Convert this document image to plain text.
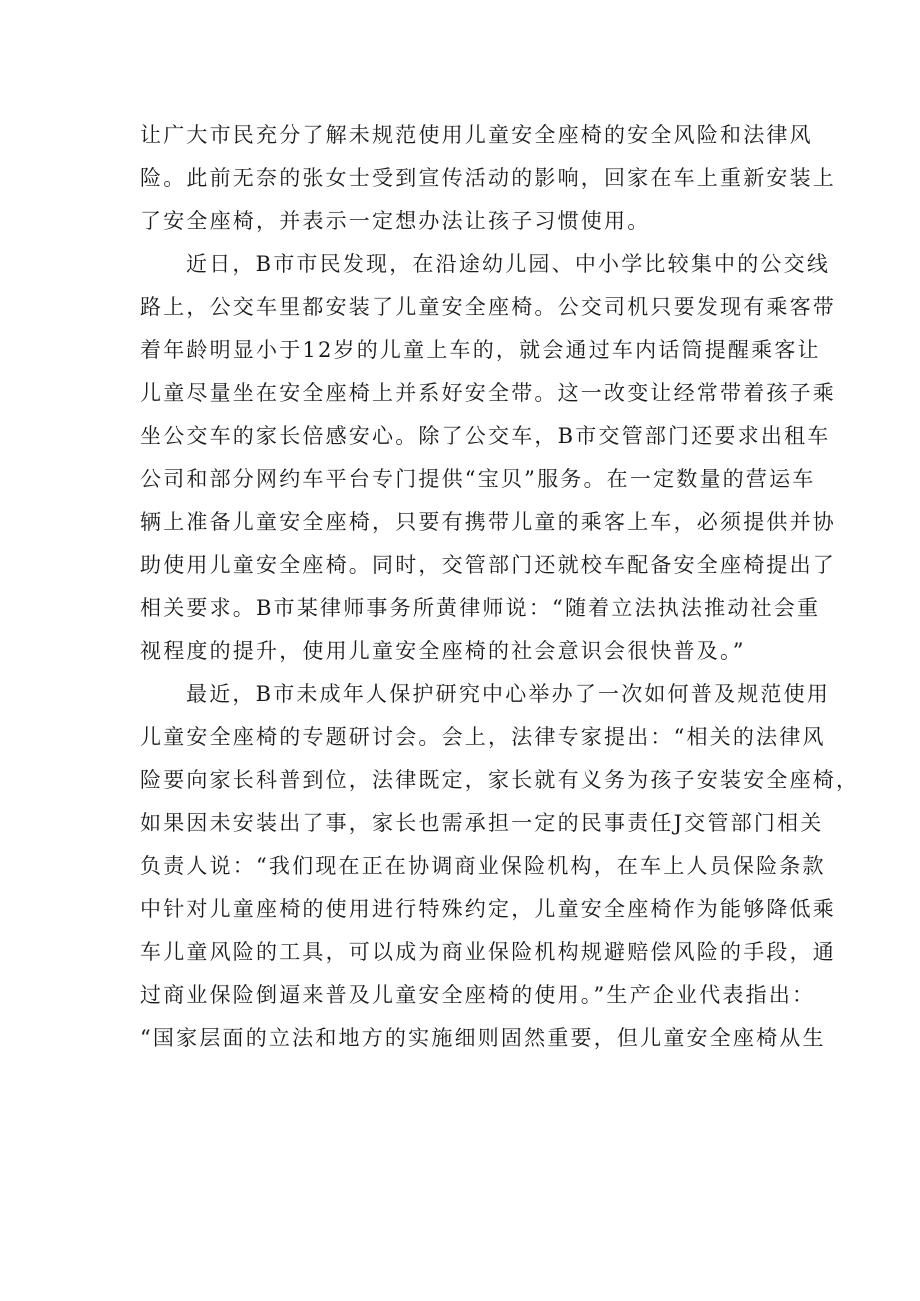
让广大市民充分了解未规范使用儿童安全座椅的安全风险和法律风
险。此前无奈的张女士受到宣传活动的影响，回家在车上重新安装上
了安全座椅，并表示一定想办法让孩子习惯使用。
近日，B市市民发现，在沿途幼儿园、中小学比较集中的公交线
路上，公交车里都安装了儿童安全座椅。公交司机只要发现有乘客带
着年龄明显小于12岁的儿童上车的，就会通过车内话筒提醒乘客让
儿童尽量坐在安全座椅上并系好安全带。这一改变让经常带着孩子乘
坐公交车的家长倍感安心。除了公交车，B市交管部门还要求出租车
公司和部分网约车平台专门提供“宝贝”服务。在一定数量的营运车
辆上准备儿童安全座椅，只要有携带儿童的乘客上车，必须提供并协
助使用儿童安全座椅。同时，交管部门还就校车配备安全座椅提出了
相关要求。B市某律师事务所黄律师说：“随着立法执法推动社会重
视程度的提升，使用儿童安全座椅的社会意识会很快普及。”
最近，B市未成年人保护研究中心举办了一次如何普及规范使用
儿童安全座椅的专题研讨会。会上，法律专家提出：“相关的法律风
险要向家长科普到位，法律既定，家长就有义务为孩子安装安全座椅，
如果因未安装出了事，家长也需承担一定的民事责任J交管部门相关
负责人说：“我们现在正在协调商业保险机构，在车上人员保险条款
中针对儿童座椅的使用进行特殊约定，儿童安全座椅作为能够降低乘
车儿童风险的工具，可以成为商业保险机构规避赔偿风险的手段，通
过商业保险倒逼来普及儿童安全座椅的使用。”生产企业代表指出：
“国家层面的立法和地方的实施细则固然重要，但儿童安全座椅从生
